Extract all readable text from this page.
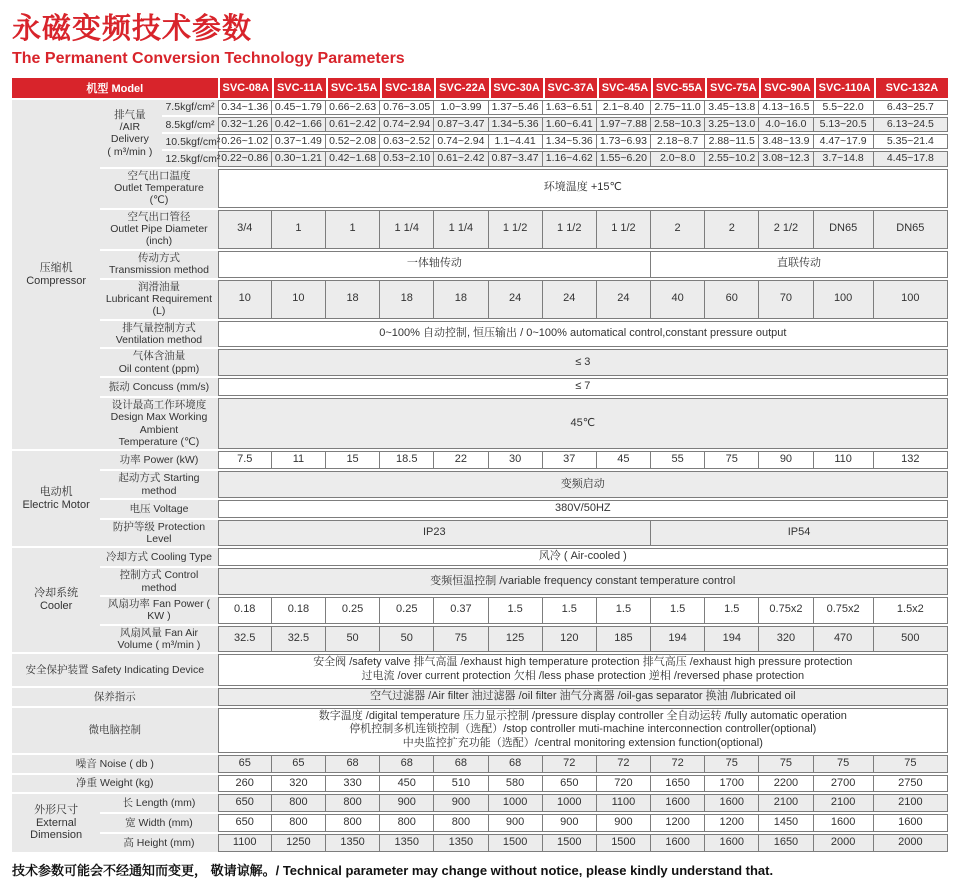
永磁变频技术参数
The Permanent Conversion Technology Parameters
机型 Model			SVC-08A	SVC-11A	SVC-15A	SVC-18A	SVC-22A	SVC-30A	SVC-37A	SVC-45A	SVC-55A	SVC-75A	SVC-90A	SVC-110A	SVC-132A

压缩机
Compressor

排气量 /AIR
Delivery
( m³/min )
	7.5kgf/cm²	0.34~1.36	0.45~1.79	0.66~2.63	0.76~3.05	1.0~3.99	1.37~5.46	1.63~6.51	2.1~8.40	2.75~11.0	3.45~13.8	4.13~16.5	5.5~22.0	6.43~25.7

		8.5kgf/cm²	0.32~1.26	0.42~1.66	0.61~2.42	0.74~2.94	0.87~3.47	1.34~5.36	1.60~6.41	1.97~7.88	2.58~10.3	3.25~13.0	4.0~16.0	5.13~20.5	6.13~24.5

		10.5kgf/cm²	0.26~1.02	0.37~1.49	0.52~2.08	0.63~2.52	0.74~2.94	1.1~4.41	1.34~5.36	1.73~6.93	2.18~8.7	2.88~11.5	3.48~13.9	4.47~17.9	5.35~21.4

		12.5kgf/cm²	0.22~0.86	0.30~1.21	0.42~1.68	0.53~2.10	0.61~2.42	0.87~3.47	1.16~4.62	1.55~6.20	2.0~8.0	2.55~10.2	3.08~12.3	3.7~14.8	4.45~17.8

	空气出口温度
Outlet Temperature (℃)		环境温度 +15℃												

	空气出口管径
Outlet Pipe Diameter (inch)		3/4	1	1	1 1/4	1 1/4	1 1/2	1 1/2	1 1/2	2	2	2 1/2	DN65	DN65

	传动方式
Transmission method		一体轴传动								直联传动				

	润滑油量
Lubricant Requirement (L)		10	10	18	18	18	24	24	24	40	60	70	100	100

	排气量控制方式
Ventilation method		0~100% 自动控制, 恒压输出 / 0~100% automatical control,constant pressure output												

	气体含油量
Oil content (ppm)		≤ 3												

	振动 Concuss (mm/s)		≤ 7												

	设计最高工作环境度
Design Max Working Ambient
Temperature (℃)		45℃												

电动机
Electric Motor	功率 Power (kW)		7.5	11	15	18.5	22	30	37	45	55	75	90	110	132

	起动方式 Starting method		变频启动												

	电压 Voltage		380V/50HZ												

	防护等级 Protection Level		IP23								IP54				

冷却系统
Cooler	冷却方式 Cooling Type		风冷 ( Air-cooled )												

	控制方式 Control method		变频恒温控制 /variable frequency constant temperature control												

	风扇功率 Fan Power ( KW )		0.18	0.18	0.25	0.25	0.37	1.5	1.5	1.5	1.5	1.5	0.75x2	0.75x2	1.5x2

	风扇风量 Fan Air Volume ( m³/min )		32.5	32.5	50	50	75	125	120	185	194	194	320	470	500

安全保护装置 Safety Indicating Device			安全阀 /safety valve 排气高温 /exhaust high temperature protection 排气高压 /exhaust high pressure protection
过电流 /over current protection 欠相 /less phase protection 逆相 /reversed phase protection												

保养指示			空气过滤器 /Air filter 油过滤器 /oil filter 油气分离器 /oil-gas separator 换油 /lubricated oil												

微电脑控制			数字温度 /digital temperature 压力显示控制 /pressure display controller 全自动运转 /fully automatic operation
停机控制多机连锁控制（选配）/stop controller muti-machine interconnection controller(optional)
中央监控扩充功能（选配）/central monitoring extension function(optional)												

噪音 Noise ( db )			65	65	68	68	68	68	72	72	72	75	75	75	75

净重 Weight (kg)			260	320	330	450	510	580	650	720	1650	1700	2200	2700	2750

外形尺寸
External
Dimension	长 Length (mm)		650	800	800	900	900	1000	1000	1100	1600	1600	2100	2100	2100

	宽 Width (mm)		650	800	800	800	800	900	900	900	1200	1200	1450	1600	1600

	高 Height (mm)		1100	1250	1350	1350	1350	1500	1500	1500	1600	1600	1650	2000	2000
技术参数可能会不经通知而变更， 敬请谅解。/ Technical parameter may change without notice, please kindly understand that.
